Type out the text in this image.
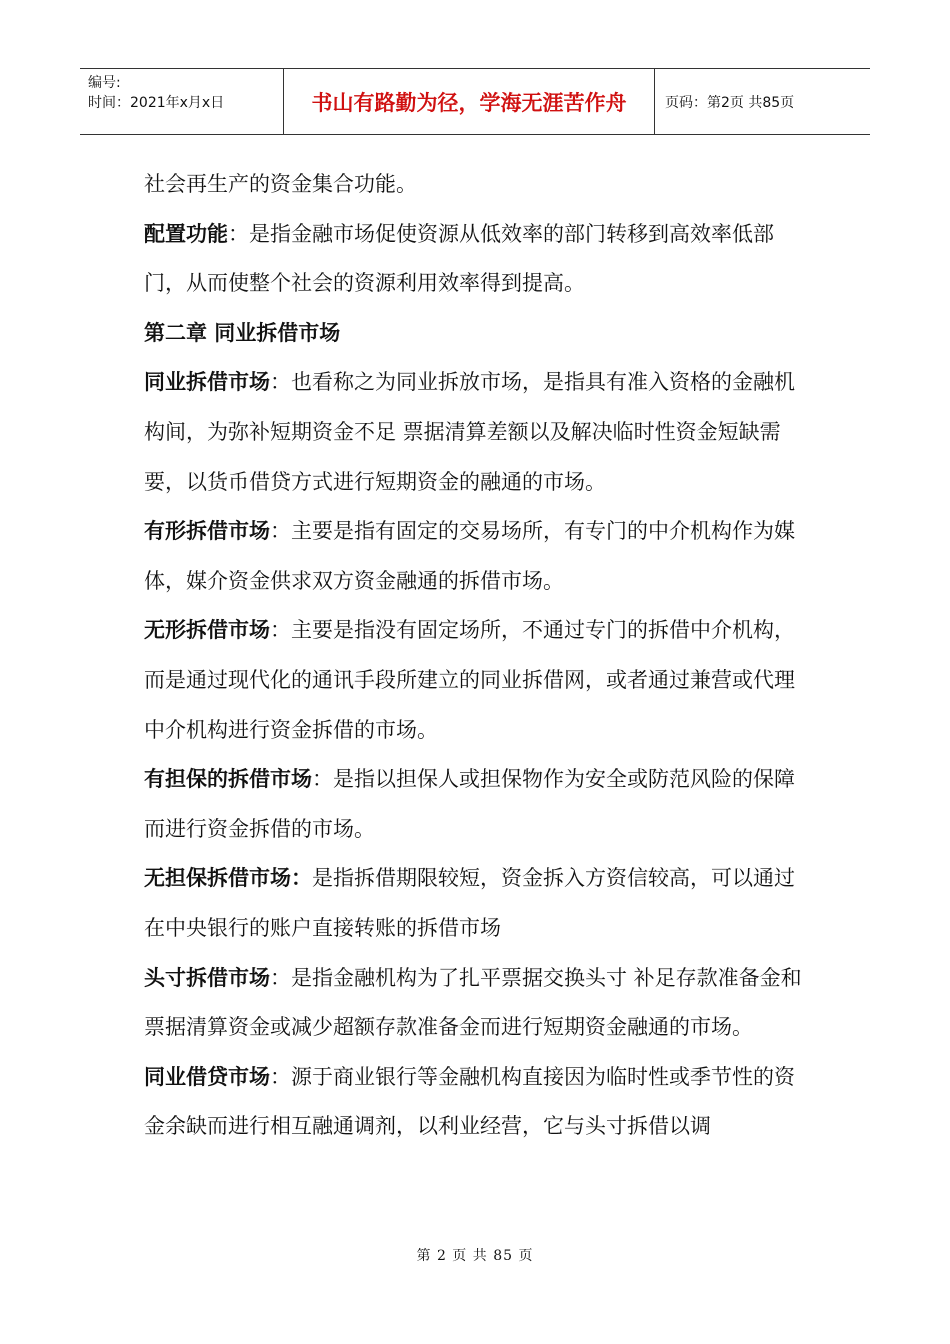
编号:
时间：2021年x月x日	书山有路勤为径，学海无涯苦作舟	页码：第2页 共85页

社会再生产的资金集合功能。

配置功能：是指金融市场促使资源从低效率的部门转移到高效率低部门，从而使整个社会的资源利用效率得到提高。

第二章 同业拆借市场

同业拆借市场：也看称之为同业拆放市场，是指具有准入资格的金融机构间，为弥补短期资金不足 票据清算差额以及解决临时性资金短缺需要，以货币借贷方式进行短期资金的融通的市场。

有形拆借市场：主要是指有固定的交易场所，有专门的中介机构作为媒体，媒介资金供求双方资金融通的拆借市场。

无形拆借市场：主要是指没有固定场所，不通过专门的拆借中介机构，而是通过现代化的通讯手段所建立的同业拆借网，或者通过兼营或代理中介机构进行资金拆借的市场。

有担保的拆借市场：是指以担保人或担保物作为安全或防范风险的保障而进行资金拆借的市场。

无担保拆借市场：是指拆借期限较短，资金拆入方资信较高，可以通过在中央银行的账户直接转账的拆借市场

头寸拆借市场：是指金融机构为了扎平票据交换头寸 补足存款准备金和票据清算资金或减少超额存款准备金而进行短期资金融通的市场。

同业借贷市场：源于商业银行等金融机构直接因为临时性或季节性的资金余缺而进行相互融通调剂，以利业经营，它与头寸拆借以调

第 2 页 共 85 页
